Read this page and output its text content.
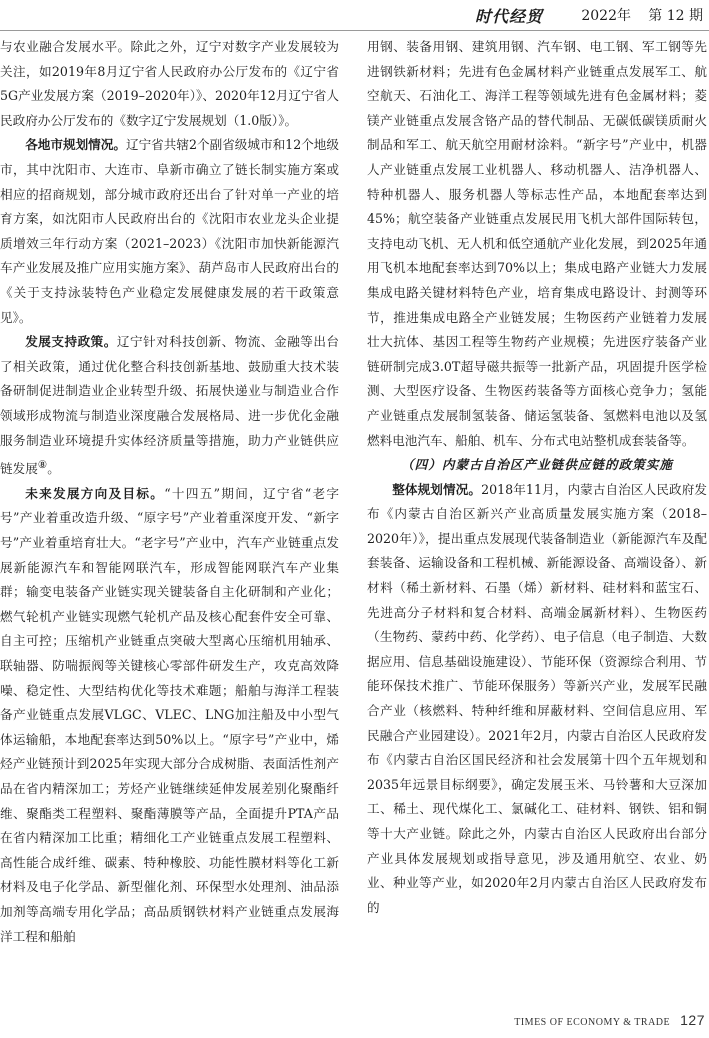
时代经贸	2022年 第 12 期

与农业融合发展水平。除此之外，辽宁对数字产业发展较为关注，如2019年8月辽宁省人民政府办公厅发布的《辽宁省5G产业发展方案（2019–2020年）》、2020年12月辽宁省人民政府办公厅发布的《数字辽宁发展规划（1.0版）》。

各地市规划情况。辽宁省共辖2个副省级城市和12个地级市，其中沈阳市、大连市、阜新市确立了链长制实施方案或相应的招商规划，部分城市政府还出台了针对单一产业的培育方案，如沈阳市人民政府出台的《沈阳市农业龙头企业提质增效三年行动方案（2021–2023）《沈阳市加快新能源汽车产业发展及推广应用实施方案》、葫芦岛市人民政府出台的《关于支持泳装特色产业稳定发展健康发展的若干政策意见》。

发展支持政策。辽宁针对科技创新、物流、金融等出台了相关政策，通过优化整合科技创新基地、鼓励重大技术装备研制促进制造业企业转型升级、拓展快递业与制造业合作领域形成物流与制造业深度融合发展格局、进一步优化金融服务制造业环境提升实体经济质量等措施，助力产业链供应链发展⑧。

未来发展方向及目标。“十四五”期间，辽宁省“老字号”产业着重改造升级、“原字号”产业着重深度开发、“新字号”产业着重培育壮大。“老字号”产业中，汽车产业链重点发展新能源汽车和智能网联汽车，形成智能网联汽车产业集群；输变电装备产业链实现关键装备自主化研制和产业化；燃气轮机产业链实现燃气轮机产品及核心配套件安全可靠、自主可控；压缩机产业链重点突破大型离心压缩机用轴承、联轴器、防喘振阀等关键核心零部件研发生产，攻克高效降噪、稳定性、大型结构优化等技术难题；船舶与海洋工程装备产业链重点发展VLGC、VLEC、LNG加注船及中小型气体运输船，本地配套率达到50%以上。“原字号”产业中，烯烃产业链预计到2025年实现大部分合成树脂、表面活性剂产品在省内精深加工；芳烃产业链继续延伸发展差别化聚酯纤维、聚酯类工程塑料、聚酯薄膜等产品，全面提升PTA产品在省内精深加工比重；精细化工产业链重点发展工程塑料、高性能合成纤维、碳素、特种橡胶、功能性膜材料等化工新材料及电子化学品、新型催化剂、环保型水处理剂、油品添加剂等高端专用化学品；高品质钢铁材料产业链重点发展海洋工程和船舶

用钢、装备用钢、建筑用钢、汽车钢、电工钢、军工钢等先进钢铁新材料；先进有色金属材料产业链重点发展军工、航空航天、石油化工、海洋工程等领域先进有色金属材料；菱镁产业链重点发展含铬产品的替代制品、无碳低碳镁质耐火制品和军工、航天航空用耐材涂料。“新字号”产业中，机器人产业链重点发展工业机器人、移动机器人、洁净机器人、特种机器人、服务机器人等标志性产品，本地配套率达到45%；航空装备产业链重点发展民用飞机大部件国际转包，支持电动飞机、无人机和低空通航产业化发展，到2025年通用飞机本地配套率达到70%以上；集成电路产业链大力发展集成电路关键材料特色产业，培育集成电路设计、封测等环节，推进集成电路全产业链发展；生物医药产业链着力发展壮大抗体、基因工程等生物药产业规模；先进医疗装备产业链研制完成3.0T超导磁共振等一批新产品，巩固提升医学检测、大型医疗设备、生物医药装备等方面核心竞争力；氢能产业链重点发展制氢装备、储运氢装备、氢燃料电池以及氢燃料电池汽车、船舶、机车、分布式电站整机成套装备等。

（四）内蒙古自治区产业链供应链的政策实施

整体规划情况。2018年11月，内蒙古自治区人民政府发布《内蒙古自治区新兴产业高质量发展实施方案（2018–2020年）》，提出重点发展现代装备制造业（新能源汽车及配套装备、运输设备和工程机械、新能源设备、高端设备）、新材料（稀土新材料、石墨（烯）新材料、硅材料和蓝宝石、先进高分子材料和复合材料、高端金属新材料）、生物医药（生物药、蒙药中药、化学药）、电子信息（电子制造、大数据应用、信息基础设施建设）、节能环保（资源综合利用、节能环保技术推广、节能环保服务）等新兴产业，发展军民融合产业（核燃料、特种纤维和屏蔽材料、空间信息应用、军民融合产业园建设）。2021年2月，内蒙古自治区人民政府发布《内蒙古自治区国民经济和社会发展第十四个五年规划和2035年远景目标纲要》，确定发展玉米、马铃薯和大豆深加工、稀土、现代煤化工、氯碱化工、硅材料、钢铁、铝和铜等十大产业链。除此之外，内蒙古自治区人民政府出台部分产业具体发展规划或指导意见，涉及通用航空、农业、奶业、种业等产业，如2020年2月内蒙古自治区人民政府发布的

TIMES OF ECONOMY & TRADE 127
